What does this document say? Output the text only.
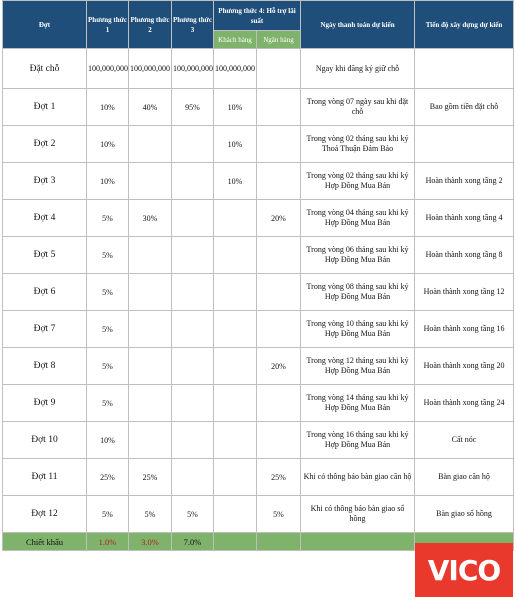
Đợt	Phương thức 1	Phương thức 2	Phương thức 3	Phương thức 4: Hỗ trợ lãi suất		Ngày thanh toán dự kiến	Tiến độ xây dựng dự kiến
				Khách hàng	Ngân hàng		
Đặt chỗ	100,000,000	100,000,000	100,000,000	100,000,000		Ngay khi đăng ký giữ chỗ	
Đợt 1	10%	40%	95%	10%		Trong vòng 07 ngày sau khi đặt chỗ	Bao gồm tiền đặt chỗ
Đợt 2	10%			10%		Trong vòng 02 tháng sau khi ký Thoả Thuận Đảm Bảo	
Đợt 3	10%			10%		Trong vòng 02 tháng sau khi ký Hợp Đồng Mua Bán	Hoàn thành xong tầng 2
Đợt 4	5%	30%			20%	Trong vòng 04 tháng sau khi ký Hợp Đồng Mua Bán	Hoàn thành xong tầng 4
Đợt 5	5%					Trong vòng 06 tháng sau khi ký Hợp Đồng Mua Bán	Hoàn thành xong tầng 8
Đợt 6	5%					Trong vòng 08 tháng sau khi ký Hợp Đồng Mua Bán	Hoàn thành xong tầng 12
Đợt 7	5%					Trong vòng 10 tháng sau khi ký Hợp Đồng Mua Bán	Hoàn thành xong tầng 16
Đợt 8	5%				20%	Trong vòng 12 tháng sau khi ký Hợp Đồng Mua Bán	Hoàn thành xong tầng 20
Đợt 9	5%					Trong vòng 14 tháng sau khi ký Hợp Đồng Mua Bán	Hoàn thành xong tầng 24
Đợt 10	10%					Trong vòng 16 tháng sau khi ký Hợp Đồng Mua Bán	Cất nóc
Đợt 11	25%	25%			25%	Khi có thông báo bàn giao căn hộ	Bàn giao căn hộ
Đợt 12	5%	5%	5%		5%	Khi có thông báo bàn giao sổ hồng	Bàn giao sổ hồng
Chiết khấu	1.0%	3.0%	7.0%				
VICO
